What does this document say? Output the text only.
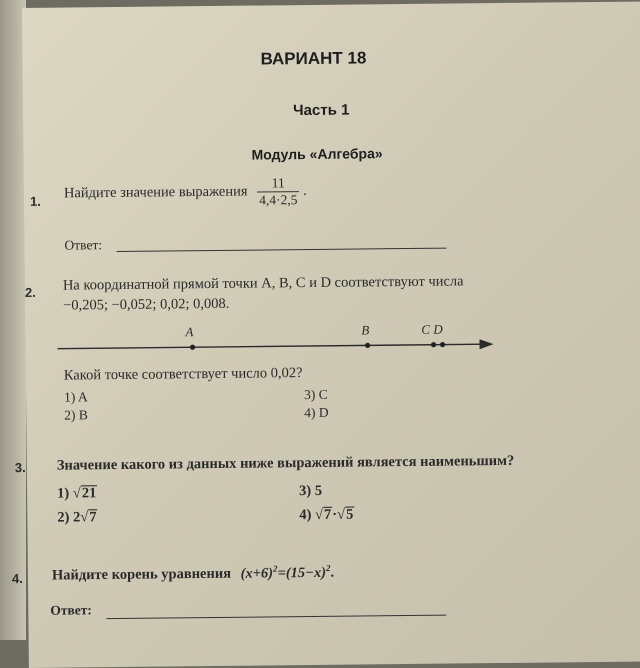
ВАРИАНТ 18
Часть 1
Модуль «Алгебра»
1. Найдите значение выражения $\frac{11}{4,4\cdot 2,5}$ .
Ответ:
2. На координатной прямой точки A, B, C и D соответствуют числа
−0,205; −0,052; 0,02; 0,008.
A	B	C D
Какой точке соответствует число 0,02?
1) A
2) B
3) C
4) D
3. Значение какого из данных ниже выражений является наименьшим?
1) √21
2) 2√7
3) 5
4) √7·√5
4. Найдите корень уравнения $(x+6)^2=(15-x)^2$.
Ответ:
